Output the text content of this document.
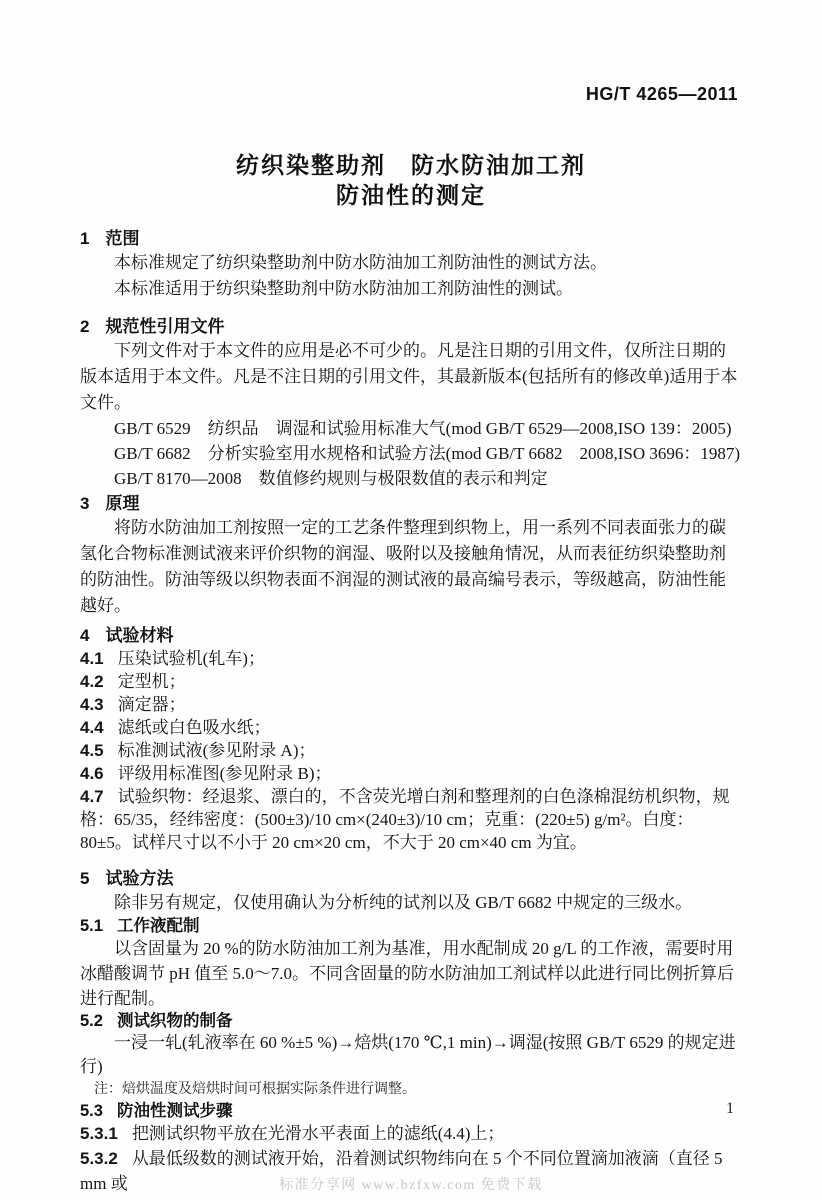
HG/T 4265—2011
纺织染整助剂　防水防油加工剂
防油性的测定
1 范围

本标准规定了纺织染整助剂中防水防油加工剂防油性的测试方法。

本标准适用于纺织染整助剂中防水防油加工剂防油性的测试。

2 规范性引用文件

下列文件对于本文件的应用是必不可少的。凡是注日期的引用文件，仅所注日期的版本适用于本文件。凡是不注日期的引用文件，其最新版本(包括所有的修改单)适用于本文件。

GB/T 6529　纺织品　调湿和试验用标准大气(mod GB/T 6529—2008,ISO 139：2005)

GB/T 6682　分析实验室用水规格和试验方法(mod GB/T 6682　2008,ISO 3696：1987)

GB/T 8170—2008　数值修约规则与极限数值的表示和判定

3 原理

将防水防油加工剂按照一定的工艺条件整理到织物上，用一系列不同表面张力的碳氢化合物标准测试液来评价织物的润湿、吸附以及接触角情况，从而表征纺织染整助剂的防油性。防油等级以织物表面不润湿的测试液的最高编号表示，等级越高，防油性能越好。

4 试验材料

4.1 压染试验机(轧车)；

4.2 定型机；

4.3 滴定器；

4.4 滤纸或白色吸水纸；

4.5 标准测试液(参见附录 A)；

4.6 评级用标准图(参见附录 B)；

4.7 试验织物：经退浆、漂白的，不含荧光增白剂和整理剂的白色涤棉混纺机织物，规格：65/35，经纬密度：(500±3)/10 cm×(240±3)/10 cm；克重：(220±5) g/m²。白度：80±5。试样尺寸以不小于 20 cm×20 cm，不大于 20 cm×40 cm 为宜。

5 试验方法

除非另有规定，仅使用确认为分析纯的试剂以及 GB/T 6682 中规定的三级水。

5.1 工作液配制

以含固量为 20 %的防水防油加工剂为基准，用水配制成 20 g/L 的工作液，需要时用冰醋酸调节 pH 值至 5.0～7.0。不同含固量的防水防油加工剂试样以此进行同比例折算后进行配制。

5.2 测试织物的制备

一浸一轧(轧液率在 60 %±5 %)→焙烘(170 ℃,1 min)→调湿(按照 GB/T 6529 的规定进行)

注：焙烘温度及焙烘时间可根据实际条件进行调整。

5.3 防油性测试步骤

5.3.1 把测试织物平放在光滑水平表面上的滤纸(4.4)上；

5.3.2 从最低级数的测试液开始，沿着测试织物纬向在 5 个不同位置滴加液滴（直径 5 mm 或

1
标准分享网 www.bzfxw.com 免费下载
